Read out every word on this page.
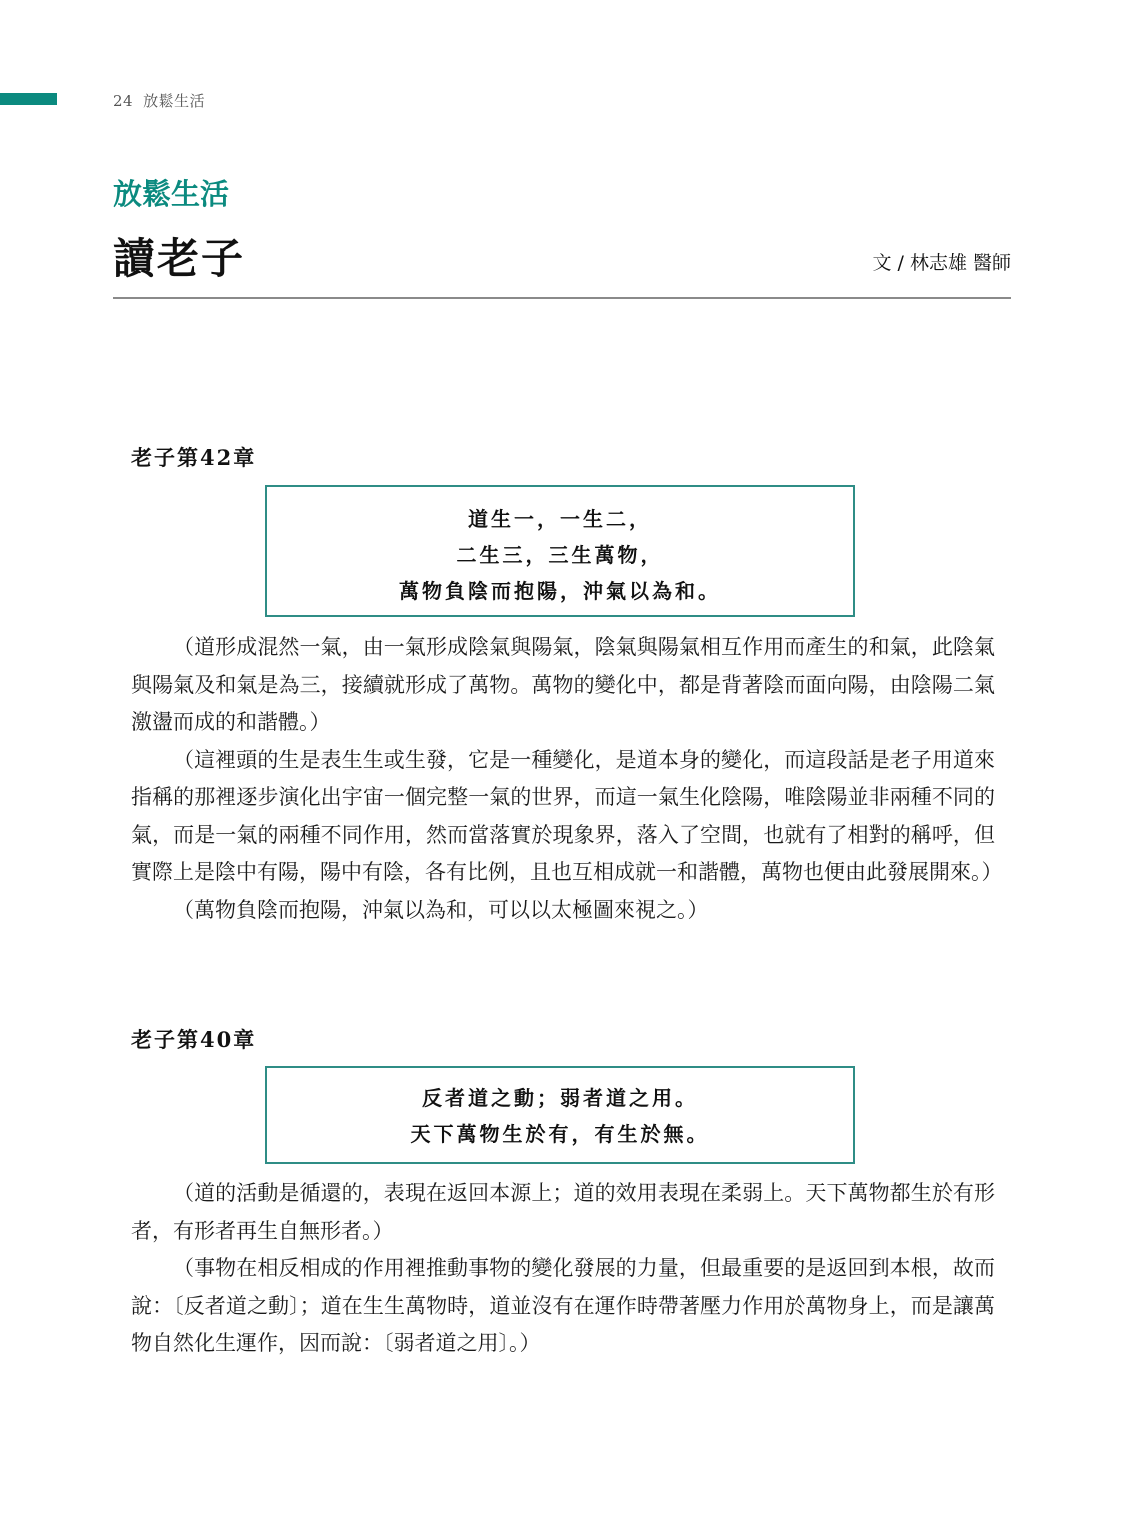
24 放鬆生活
放鬆生活
讀老子	文 / 林志雄 醫師
老子第42章
道生一，一生二，
二生三，三生萬物，
萬物負陰而抱陽，沖氣以為和。

（道形成混然一氣，由一氣形成陰氣與陽氣，陰氣與陽氣相互作用而產生的和氣，此陰氣與陽氣及和氣是為三，接續就形成了萬物。萬物的變化中，都是背著陰而面向陽，由陰陽二氣激盪而成的和諧體。）

（這裡頭的生是表生生或生發，它是一種變化，是道本身的變化，而這段話是老子用道來指稱的那裡逐步演化出宇宙一個完整一氣的世界，而這一氣生化陰陽，唯陰陽並非兩種不同的氣，而是一氣的兩種不同作用，然而當落實於現象界，落入了空間，也就有了相對的稱呼，但實際上是陰中有陽，陽中有陰，各有比例，且也互相成就一和諧體，萬物也便由此發展開來。）

（萬物負陰而抱陽，沖氣以為和，可以以太極圖來視之。）

老子第40章
反者道之動；弱者道之用。
天下萬物生於有，有生於無。

（道的活動是循還的，表現在返回本源上；道的效用表現在柔弱上。天下萬物都生於有形者，有形者再生自無形者。）

（事物在相反相成的作用裡推動事物的變化發展的力量，但最重要的是返回到本根，故而說：〔反者道之動〕；道在生生萬物時，道並沒有在運作時帶著壓力作用於萬物身上，而是讓萬物自然化生運作，因而說：〔弱者道之用〕。）
